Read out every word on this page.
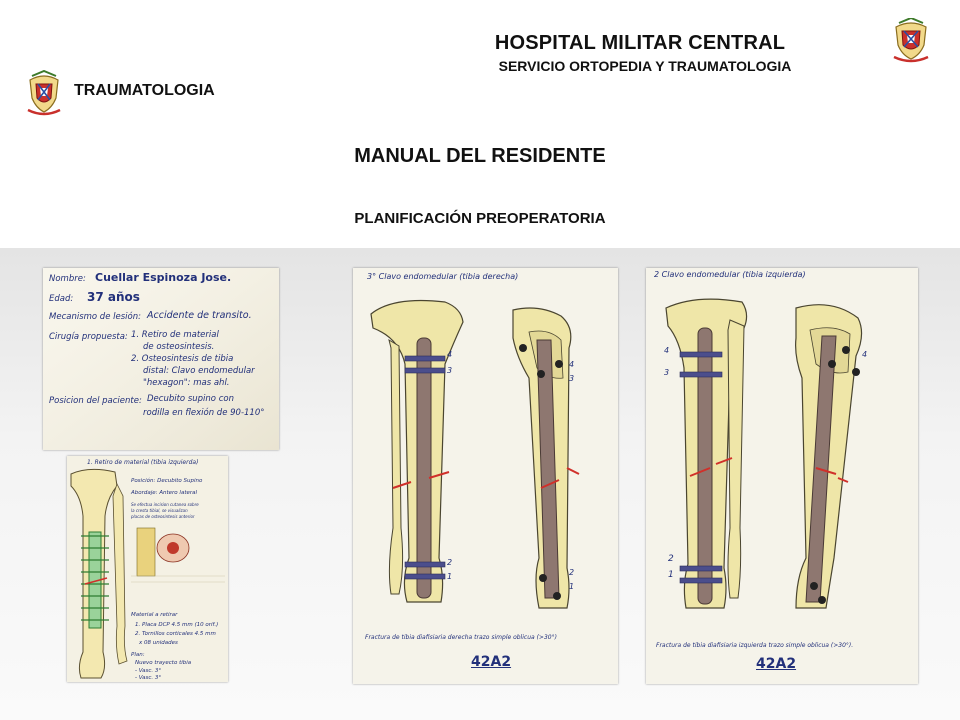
TRAUMATOLOGIA
HOSPITAL MILITAR CENTRAL
SERVICIO ORTOPEDIA Y TRAUMATOLOGIA
MANUAL DEL RESIDENTE
PLANIFICACIÓN PREOPERATORIA
Nombre: Cuellar Espinoza Jose.
Edad: 37 años
Mecanismo de lesión: Accidente de transito.
Cirugía propuesta: 1. Retiro de material
de osteosintesis.
2. Osteosintesis de tibia
distal: Clavo endomedular
"hexagon": mas ahl.
Posicion del paciente: Decubito supino con
rodilla en flexión de 90-110°
1. Retiro de material (tibia izquierda)
Posición: Decubito Supino
Abordaje: Antero lateral
Se efectua incision cutanea sobre
la cresta tibial, se visualizan
placas de osteosintesis anterior
Material a retirar
1. Placa DCP 4.5 mm (10 orif.)
2. Tornillos corticales 4.5 mm
x 08 unidades
Plan:
Nuevo trayecto tibia
- Vasc. 3°
- Vasc. 3°
3° Clavo endomedular (tibia derecha)
4
3
2
1
4
3
2
1
Fractura de tibia diafisiaria derecha trazo simple oblicua (>30°)
42A2
2 Clavo endomedular (tibia izquierda)
4
3
2
1
4
Fractura de tibia diafisiaria izquierda trazo simple oblicua (>30°).
42A2
